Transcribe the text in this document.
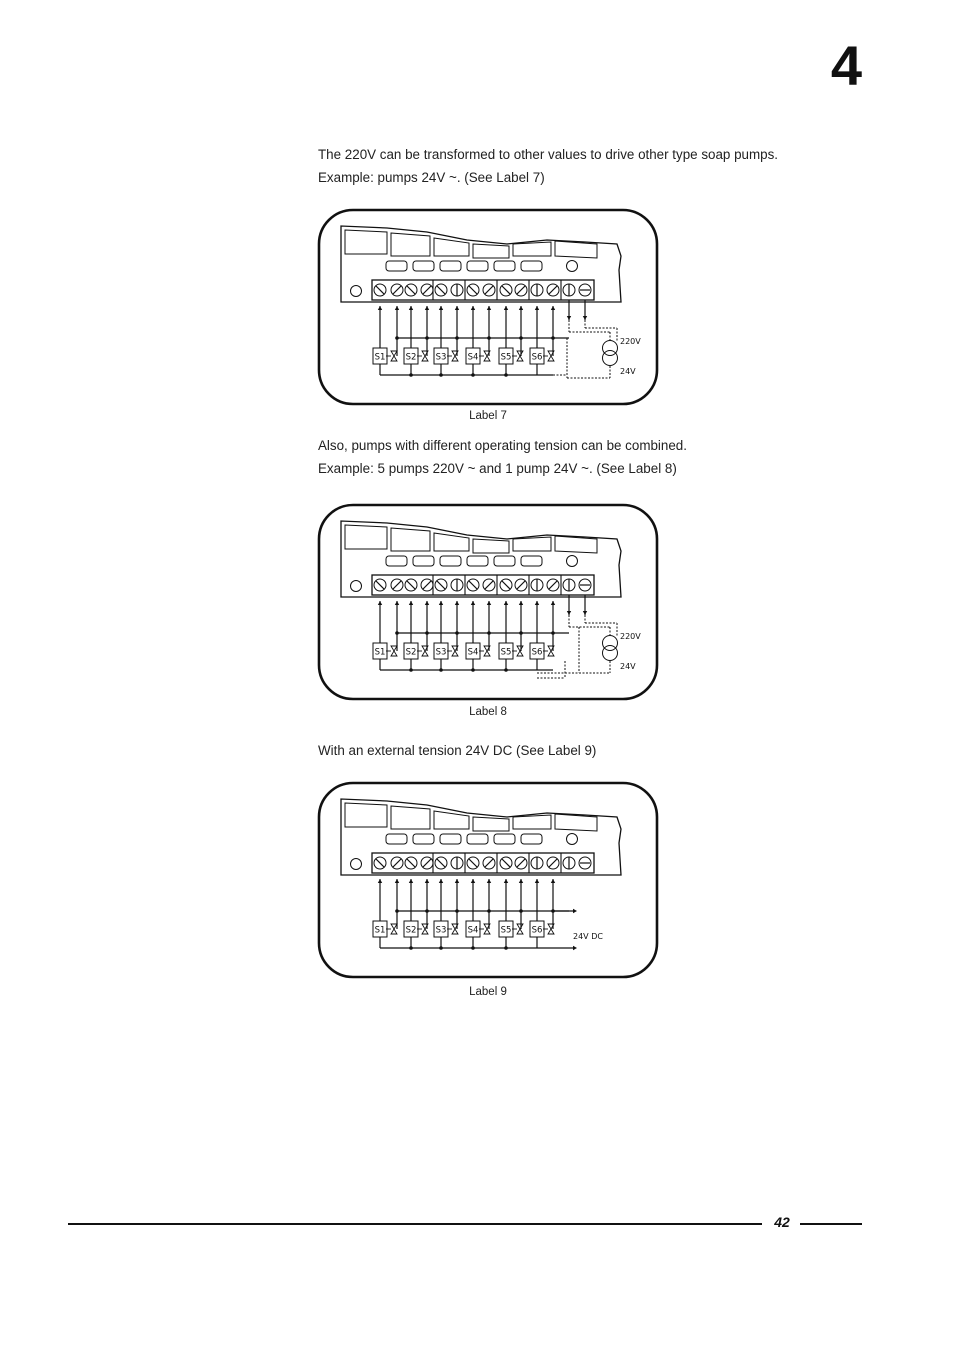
4

The 220V can be transformed to other values to drive other type soap pumps.

Example: pumps 24V ~. (See Label 7)

S1 S2 S3 S4	S5 S6
220V
24V
Label 7

Also, pumps with different operating tension can be combined.

Example: 5 pumps 220V ~ and 1 pump 24V ~. (See Label 8)

S1 S2 S3 S4	S5 S6
220V
24V
Label 8

With an external tension 24V DC (See Label 9)

S1 S2 S3 S4	S5 S6
24V DC
Label 9
42
